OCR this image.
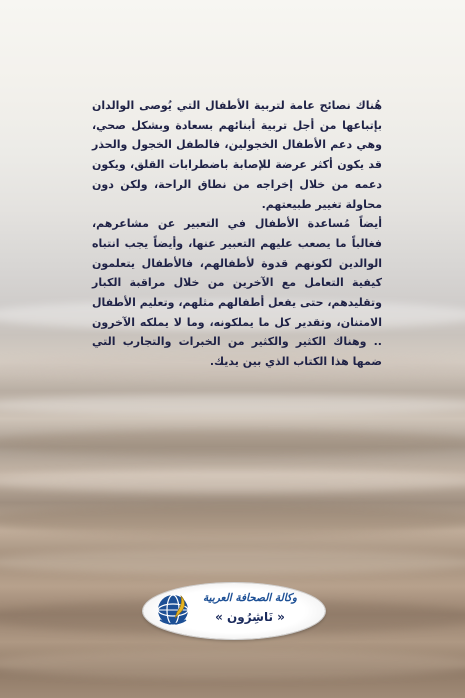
هُناك نصائح عامة لتربية الأطفال التي يُوصى الوالدان بإتباعها من أجل تربية أبنائهم بسعادة وبشكل صحي، وهي دعم الأطفال الخجولين، فالطفل الخجول والحذر قد يكون أكثر عرضة للإصابة باضطرابات القلق، ويكون دعمه من خلال إخراجه من نطاق الراحة، ولكن دون محاولة تغيير طبيعتهم.

أيضاً مُساعدة الأطفال في التعبير عن مشاعرهم، فغالباً ما يصعب عليهم التعبير عنها، وأيضاً يجب انتباه الوالدين لكونهم قدوة لأطفالهم، فالأطفال يتعلمون كيفية التعامل مع الآخرين من خلال مراقبة الكبار وتقليدهم، حتى يفعل أطفالهم مثلهم، وتعليم الأطفال الامتنان، وتقدير كل ما يملكونه، وما لا يملكه الآخرون .. وهناك الكثير والكثير من الخبرات والتجارب التي ضمها هذا الكتاب الذي بين يديك.

وكالة الصحافة العربية
« نَاشِرُون »
